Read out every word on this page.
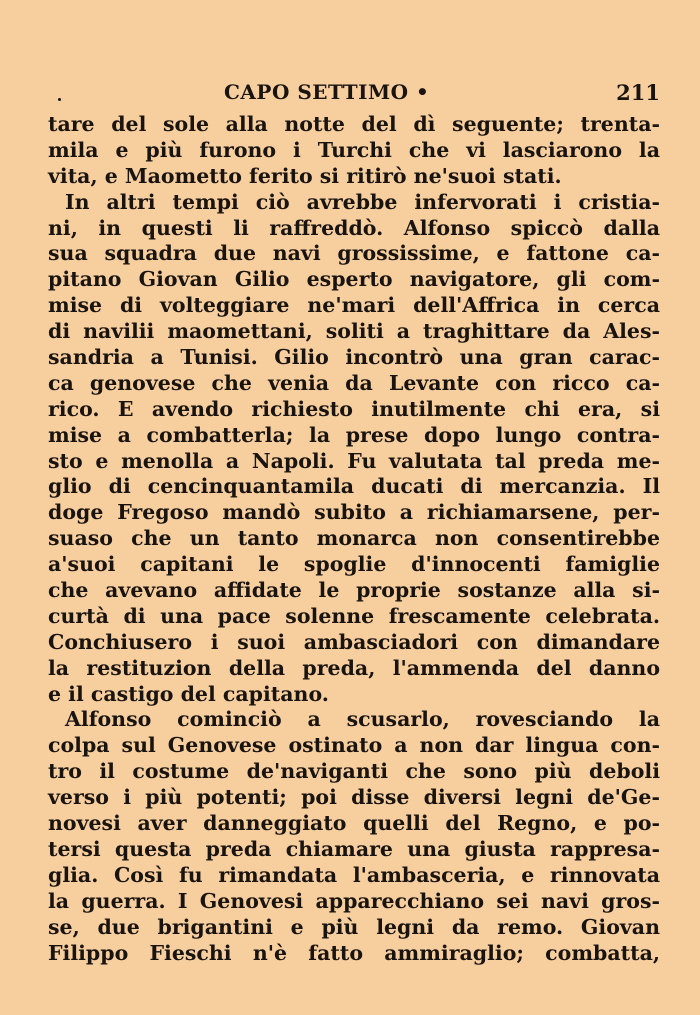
CAPO SETTIMO •	211
tare del sole alla notte del dì seguente; trenta-
mila e più furono i Turchi che vi lasciarono la
vita, e Maometto ferito si ritirò ne'suoi stati.
In altri tempi ciò avrebbe infervorati i cristia-
ni, in questi li raffreddò. Alfonso spiccò dalla
sua squadra due navi grossissime, e fattone ca-
pitano Giovan Gilio esperto navigatore, gli com-
mise di volteggiare ne'mari dell'Affrica in cerca
di navilii maomettani, soliti a traghittare da Ales-
sandria a Tunisi. Gilio incontrò una gran carac-
ca genovese che venia da Levante con ricco ca-
rico. E avendo richiesto inutilmente chi era, si
mise a combatterla; la prese dopo lungo contra-
sto e menolla a Napoli. Fu valutata tal preda me-
glio di cencinquantamila ducati di mercanzia. Il
doge Fregoso mandò subito a richiamarsene, per-
suaso che un tanto monarca non consentirebbe
a'suoi capitani le spoglie d'innocenti famiglie
che avevano affidate le proprie sostanze alla si-
curtà di una pace solenne frescamente celebrata.
Conchiusero i suoi ambasciadori con dimandare
la restituzion della preda, l'ammenda del danno
e il castigo del capitano.
Alfonso cominciò a scusarlo, rovesciando la
colpa sul Genovese ostinato a non dar lingua con-
tro il costume de'naviganti che sono più deboli
verso i più potenti; poi disse diversi legni de'Ge-
novesi aver danneggiato quelli del Regno, e po-
tersi questa preda chiamare una giusta rappresa-
glia. Così fu rimandata l'ambasceria, e rinnovata
la guerra. I Genovesi apparecchiano sei navi gros-
se, due brigantini e più legni da remo. Giovan
Filippo Fieschi n'è fatto ammiraglio; combatta,
